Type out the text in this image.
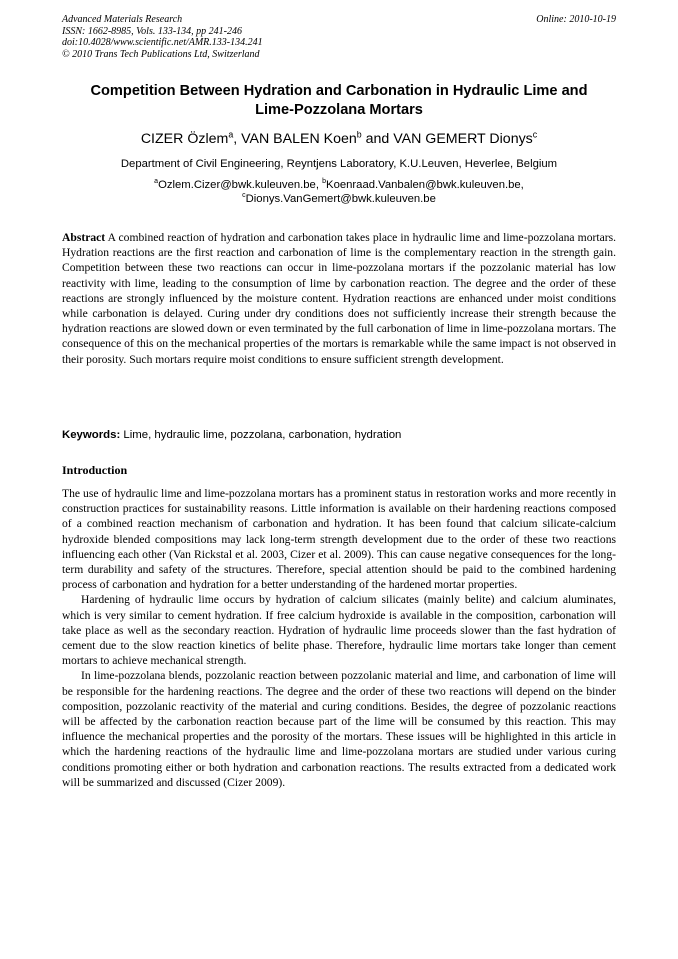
Advanced Materials Research
ISSN: 1662-8985, Vols. 133-134, pp 241-246
doi:10.4028/www.scientific.net/AMR.133-134.241
© 2010 Trans Tech Publications Ltd, Switzerland
Online: 2010-10-19
Competition Between Hydration and Carbonation in Hydraulic Lime and
Lime-Pozzolana Mortars
CIZER Özlem$^a$, VAN BALEN Koen$^b$ and VAN GEMERT Dionys$^c$
Department of Civil Engineering, Reyntjens Laboratory, K.U.Leuven, Heverlee, Belgium
$^a$Ozlem.Cizer@bwk.kuleuven.be, $^b$Koenraad.Vanbalen@bwk.kuleuven.be,
$^c$Dionys.VanGemert@bwk.kuleuven.be
Abstract A combined reaction of hydration and carbonation takes place in hydraulic lime and lime-pozzolana mortars. Hydration reactions are the first reaction and carbonation of lime is the complementary reaction in the strength gain. Competition between these two reactions can occur in lime-pozzolana mortars if the pozzolanic material has low reactivity with lime, leading to the consumption of lime by carbonation reaction. The degree and the order of these reactions are strongly influenced by the moisture content. Hydration reactions are enhanced under moist conditions while carbonation is delayed. Curing under dry conditions does not sufficiently increase their strength because the hydration reactions are slowed down or even terminated by the full carbonation of lime in lime-pozzolana mortars. The consequence of this on the mechanical properties of the mortars is remarkable while the same impact is not observed in their porosity. Such mortars require moist conditions to ensure sufficient strength development.
Keywords: Lime, hydraulic lime, pozzolana, carbonation, hydration
Introduction

The use of hydraulic lime and lime-pozzolana mortars has a prominent status in restoration works and more recently in construction practices for sustainability reasons. Little information is available on their hardening reactions composed of a combined reaction mechanism of carbonation and hydration. It has been found that calcium silicate-calcium hydroxide blended compositions may lack long-term strength development due to the order of these two reactions influencing each other (Van Rickstal et al. 2003, Cizer et al. 2009). This can cause negative consequences for the long-term durability and safety of the structures. Therefore, special attention should be paid to the combined hardening process of carbonation and hydration for a better understanding of the hardened mortar properties.

Hardening of hydraulic lime occurs by hydration of calcium silicates (mainly belite) and calcium aluminates, which is very similar to cement hydration. If free calcium hydroxide is available in the composition, carbonation will take place as well as the secondary reaction. Hydration of hydraulic lime proceeds slower than the fast hydration of cement due to the slow reaction kinetics of belite phase. Therefore, hydraulic lime mortars take longer than cement mortars to achieve mechanical strength.

In lime-pozzolana blends, pozzolanic reaction between pozzolanic material and lime, and carbonation of lime will be responsible for the hardening reactions. The degree and the order of these two reactions will depend on the binder composition, pozzolanic reactivity of the material and curing conditions. Besides, the degree of pozzolanic reactions will be affected by the carbonation reaction because part of the lime will be consumed by this reaction. This may influence the mechanical properties and the porosity of the mortars. These issues will be highlighted in this article in which the hardening reactions of the hydraulic lime and lime-pozzolana mortars are studied under various curing conditions promoting either or both hydration and carbonation reactions. The results extracted from a dedicated work will be summarized and discussed (Cizer 2009).
